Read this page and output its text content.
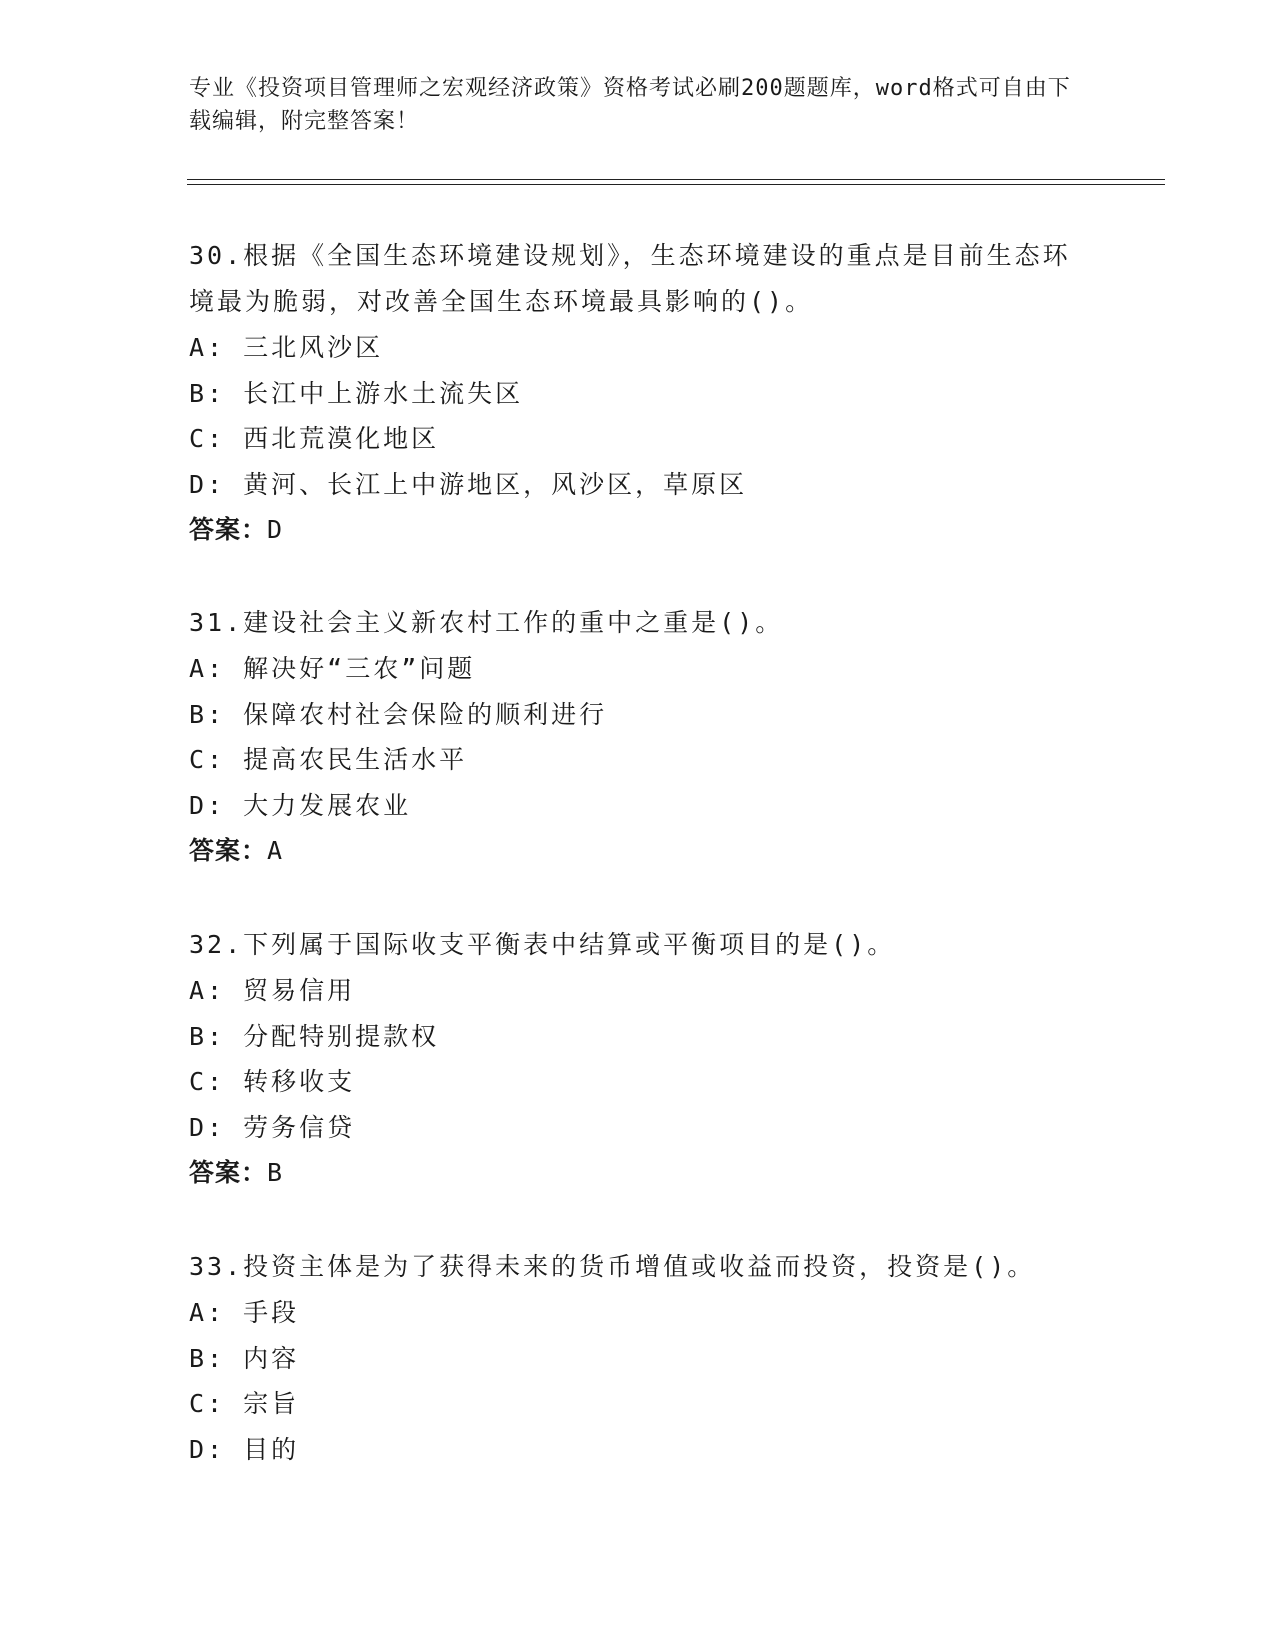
专业《投资项目管理师之宏观经济政策》资格考试必刷200题题库，word格式可自由下载编辑，附完整答案！
30.根据《全国生态环境建设规划》，生态环境建设的重点是目前生态环境最为脆弱，对改善全国生态环境最具影响的()。
A: 三北风沙区
B: 长江中上游水土流失区
C: 西北荒漠化地区
D: 黄河、长江上中游地区，风沙区，草原区
答案：D
31.建设社会主义新农村工作的重中之重是()。
A: 解决好“三农”问题
B: 保障农村社会保险的顺利进行
C: 提高农民生活水平
D: 大力发展农业
答案：A
32.下列属于国际收支平衡表中结算或平衡项目的是()。
A: 贸易信用
B: 分配特别提款权
C: 转移收支
D: 劳务信贷
答案：B
33.投资主体是为了获得未来的货币增值或收益而投资，投资是()。
A: 手段
B: 内容
C: 宗旨
D: 目的
